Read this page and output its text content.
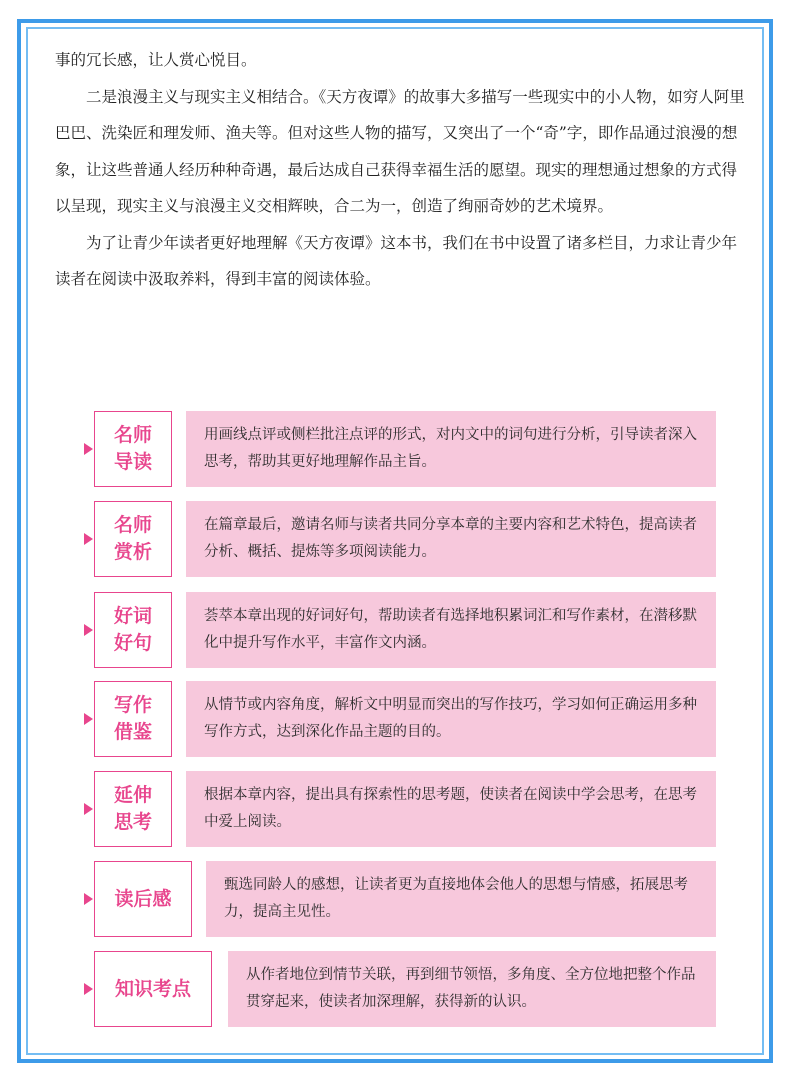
事的冗长感，让人赏心悦目。

二是浪漫主义与现实主义相结合。《天方夜谭》的故事大多描写一些现实中的小人物，如穷人阿里巴巴、洗染匠和理发师、渔夫等。但对这些人物的描写，又突出了一个“奇”字，即作品通过浪漫的想象，让这些普通人经历种种奇遇，最后达成自己获得幸福生活的愿望。现实的理想通过想象的方式得以呈现，现实主义与浪漫主义交相辉映，合二为一，创造了绚丽奇妙的艺术境界。

为了让青少年读者更好地理解《天方夜谭》这本书，我们在书中设置了诸多栏目，力求让青少年读者在阅读中汲取养料，得到丰富的阅读体验。

名师
导读
用画线点评或侧栏批注点评的形式，对内文中的词句进行分析，引导读者深入思考，帮助其更好地理解作品主旨。
名师
赏析
在篇章最后，邀请名师与读者共同分享本章的主要内容和艺术特色，提高读者分析、概括、提炼等多项阅读能力。
好词
好句
荟萃本章出现的好词好句，帮助读者有选择地积累词汇和写作素材，在潜移默化中提升写作水平，丰富作文内涵。
写作
借鉴
从情节或内容角度，解析文中明显而突出的写作技巧，学习如何正确运用多种写作方式，达到深化作品主题的目的。
延伸
思考
根据本章内容，提出具有探索性的思考题，使读者在阅读中学会思考，在思考中爱上阅读。
读后感
甄选同龄人的感想，让读者更为直接地体会他人的思想与情感，拓展思考力，提高主见性。
知识考点
从作者地位到情节关联，再到细节领悟，多角度、全方位地把整个作品贯穿起来，使读者加深理解，获得新的认识。
